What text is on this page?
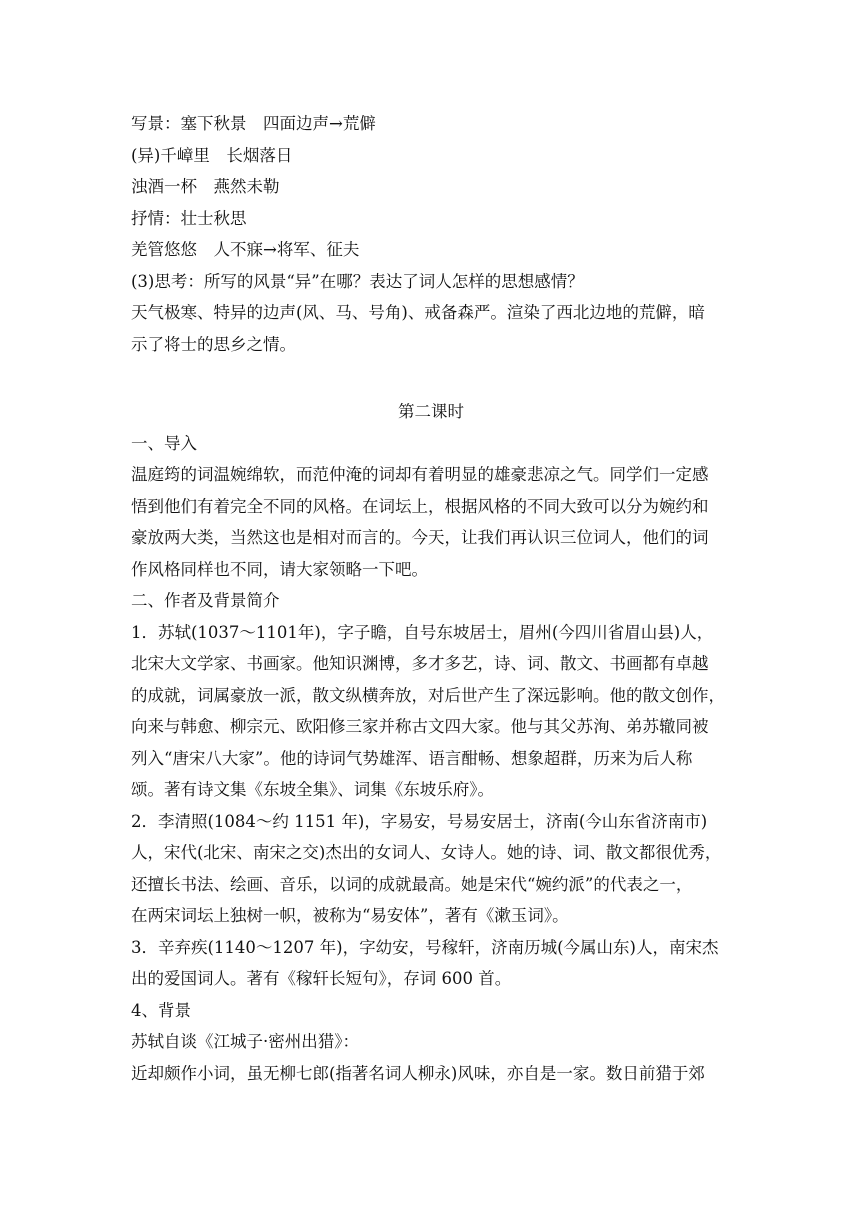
写景：塞下秋景　四面边声→荒僻

(异)千嶂里　长烟落日

浊酒一杯　燕然未勒

抒情：壮士秋思

羌管悠悠　人不寐→将军、征夫

(3)思考：所写的风景“异”在哪？表达了词人怎样的思想感情？

天气极寒、特异的边声(风、马、号角)、戒备森严。渲染了西北边地的荒僻，暗

示了将士的思乡之情。

第二课时

一、导入

温庭筠的词温婉绵软，而范仲淹的词却有着明显的雄豪悲凉之气。同学们一定感

悟到他们有着完全不同的风格。在词坛上，根据风格的不同大致可以分为婉约和

豪放两大类，当然这也是相对而言的。今天，让我们再认识三位词人，他们的词

作风格同样也不同，请大家领略一下吧。

二、作者及背景简介

1．苏轼(1037～1101年)，字子瞻，自号东坡居士，眉州(今四川省眉山县)人，

北宋大文学家、书画家。他知识渊博，多才多艺，诗、词、散文、书画都有卓越

的成就，词属豪放一派，散文纵横奔放，对后世产生了深远影响。他的散文创作，

向来与韩愈、柳宗元、欧阳修三家并称古文四大家。他与其父苏洵、弟苏辙同被

列入“唐宋八大家”。他的诗词气势雄浑、语言酣畅、想象超群，历来为后人称

颂。著有诗文集《东坡全集》、词集《东坡乐府》。

2．李清照(1084～约 1151 年)，字易安，号易安居士，济南(今山东省济南市)

人，宋代(北宋、南宋之交)杰出的女词人、女诗人。她的诗、词、散文都很优秀，

还擅长书法、绘画、音乐，以词的成就最高。她是宋代“婉约派”的代表之一，

在两宋词坛上独树一帜，被称为“易安体”，著有《漱玉词》。

3．辛弃疾(1140～1207 年)，字幼安，号稼轩，济南历城(今属山东)人，南宋杰

出的爱国词人。著有《稼轩长短句》，存词 600 首。

4、背景

苏轼自谈《江城子·密州出猎》：

近却颇作小词，虽无柳七郎(指著名词人柳永)风味，亦自是一家。数日前猎于郊
